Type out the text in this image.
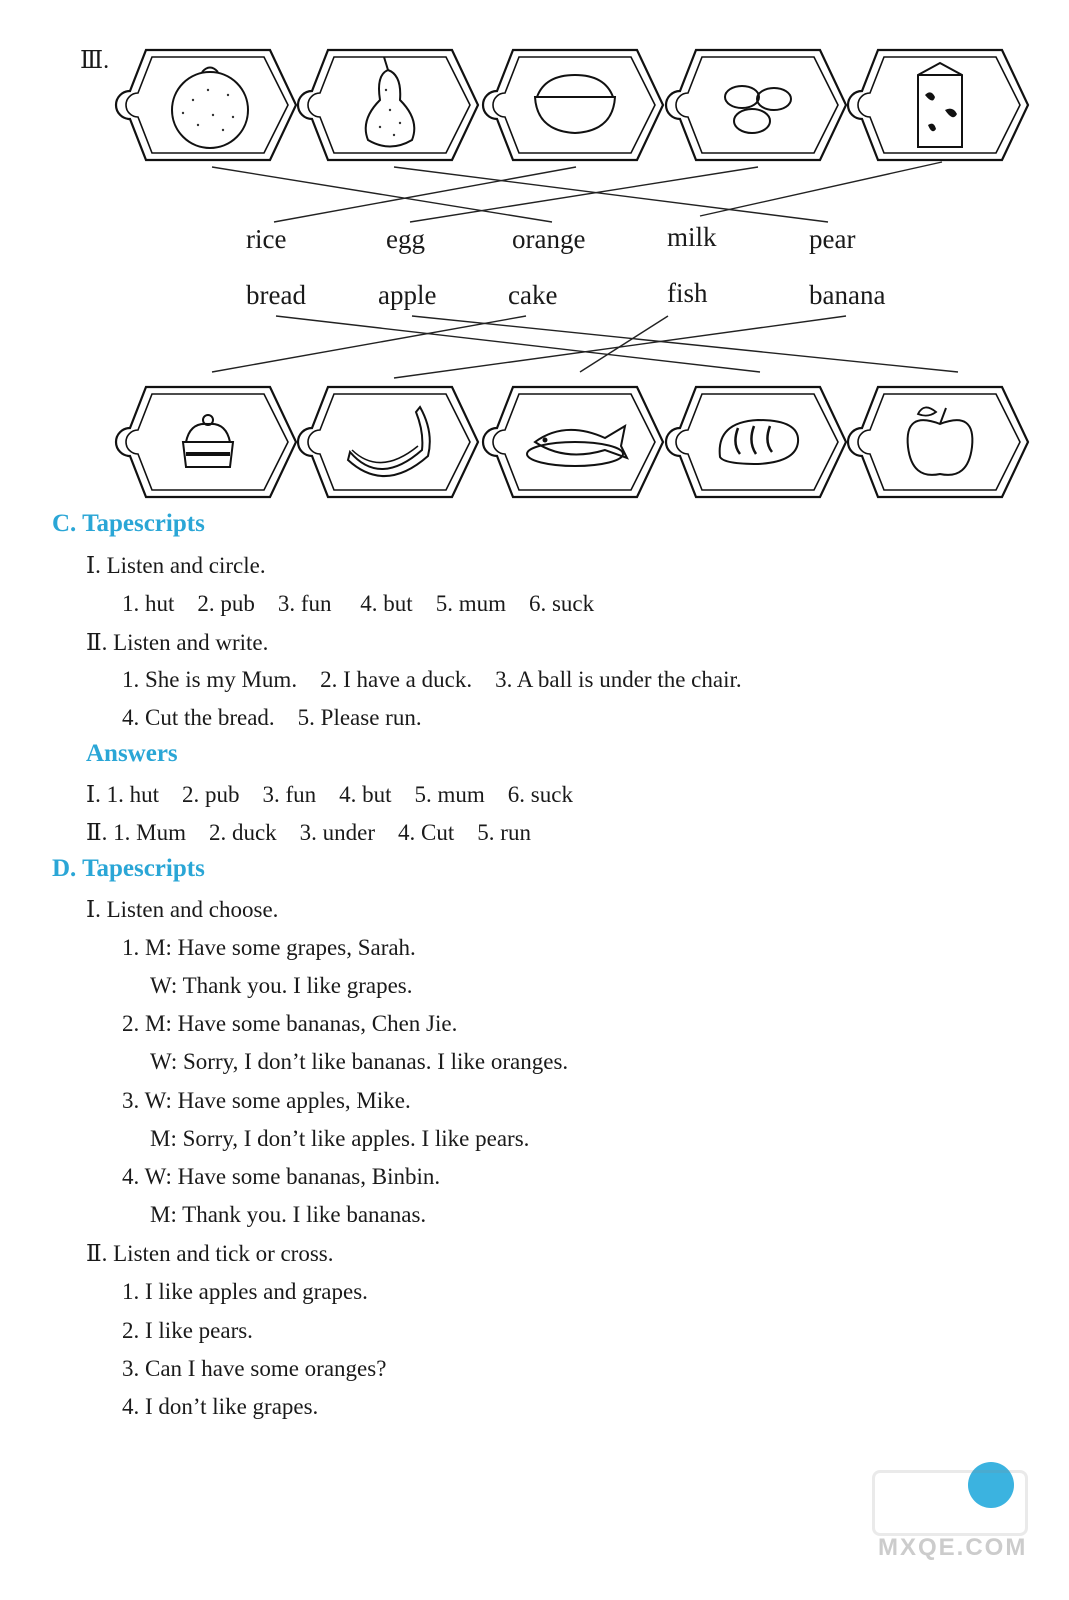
Ⅲ.
rice	egg	orange	milk	pear
bread	apple	cake	fish	banana
C. Tapescripts
Ⅰ. Listen and circle.
1. hut    2. pub    3. fun     4. but    5. mum    6. suck
Ⅱ. Listen and write.
1. She is my Mum.    2. I have a duck.    3. A ball is under the chair.
4. Cut the bread.    5. Please run.
Answers
Ⅰ. 1. hut    2. pub    3. fun    4. but    5. mum    6. suck
Ⅱ. 1. Mum    2. duck    3. under    4. Cut    5. run
D. Tapescripts
Ⅰ. Listen and choose.
1. M: Have some grapes, Sarah.
W: Thank you. I like grapes.
2. M: Have some bananas, Chen Jie.
W: Sorry, I don’t like bananas. I like oranges.
3. W: Have some apples, Mike.
M: Sorry, I don’t like apples. I like pears.
4. W: Have some bananas, Binbin.
M: Thank you. I like bananas.
Ⅱ. Listen and tick or cross.
1. I like apples and grapes.
2. I like pears.
3. Can I have some oranges?
4. I don’t like grapes.
MXQE.COM
